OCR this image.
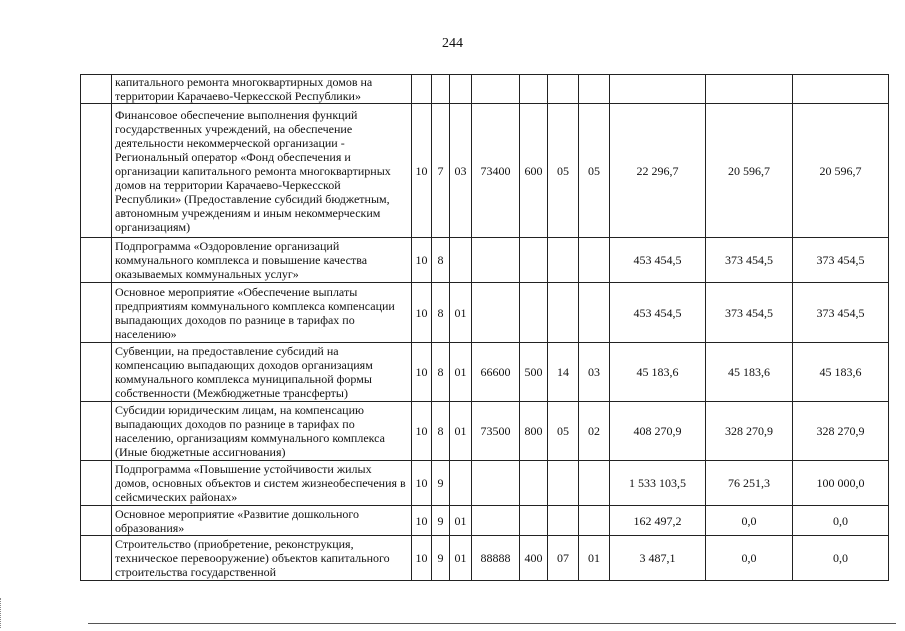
244
	капитального ремонта многоквартирных домов на территории Карачаево-Черкесской Республики»										
	Финансовое обеспечение выполнения функций государственных учреждений, на обеспечение деятельности некоммерческой организации - Региональный оператор «Фонд обеспечения и организации капитального ремонта многоквартирных домов на территории Карачаево-Черкесской Республики» (Предоставление субсидий бюджетным, автономным учреждениям и иным некоммерческим организациям)	10	7	03	73400	600	05	05	22 296,7	20 596,7	20 596,7
	Подпрограмма «Оздоровление организаций коммунального комплекса и повышение качества оказываемых коммунальных услуг»	10	8						453 454,5	373 454,5	373 454,5
	Основное мероприятие «Обеспечение выплаты предприятиям коммунального комплекса компенсации выпадающих доходов по разнице в тарифах по населению»	10	8	01					453 454,5	373 454,5	373 454,5
	Субвенции, на предоставление субсидий на компенсацию выпадающих доходов организациям коммунального комплекса муниципальной формы собственности (Межбюджетные трансферты)	10	8	01	66600	500	14	03	45 183,6	45 183,6	45 183,6
	Субсидии юридическим лицам, на компенсацию выпадающих доходов по разнице в тарифах по населению, организациям коммунального комплекса (Иные бюджетные ассигнования)	10	8	01	73500	800	05	02	408 270,9	328 270,9	328 270,9
	Подпрограмма «Повышение устойчивости жилых домов, основных объектов и систем жизнеобеспечения в сейсмических районах»	10	9						1 533 103,5	76 251,3	100 000,0
	Основное мероприятие «Развитие дошкольного образования»	10	9	01					162 497,2	0,0	0,0
	Строительство (приобретение, реконструкция, техническое перевооружение) объектов капитального строительства государственной	10	9	01	88888	400	07	01	3 487,1	0,0	0,0
